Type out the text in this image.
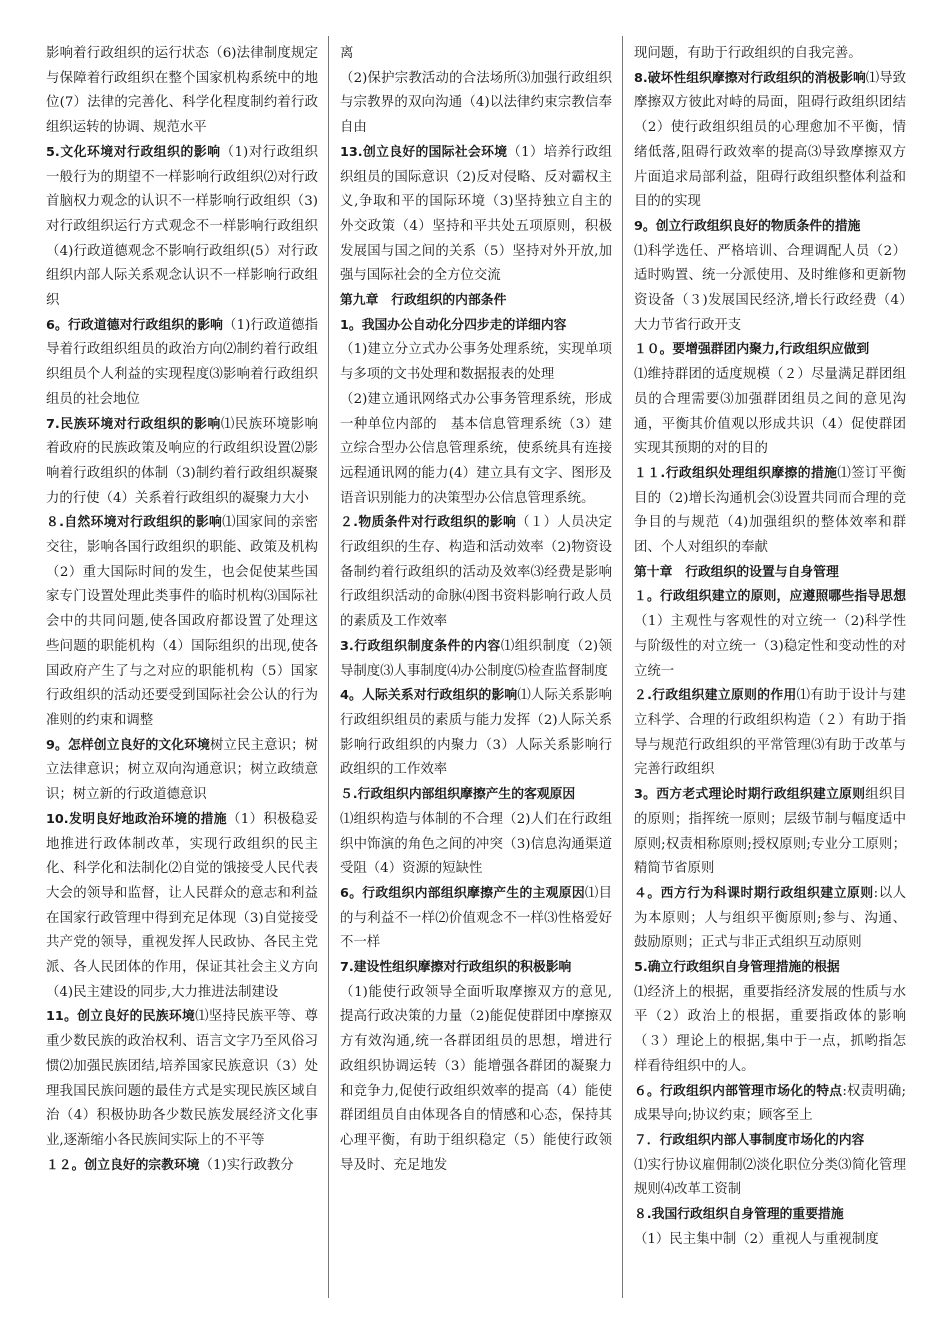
影响着行政组织的运行状态（6)法律制度规定与保障着行政组织在整个国家机构系统中的地位(7）法律的完善化、科学化程度制约着行政组织运转的协调、规范水平

5.文化环境对行政组织的影响（1)对行政组织一般行为的期望不一样影响行政组织⑵对行政首脑权力观念的认识不一样影响行政组织（3)对行政组织运行方式观念不一样影响行政组织（4)行政道德观念不影响行政组织(5）对行政组织内部人际关系观念认识不一样影响行政组织

6。行政道德对行政组织的影响（1)行政道德指导着行政组织组员的政治方向⑵制约着行政组织组员个人利益的实现程度⑶影响着行政组织组员的社会地位

7.民族环境对行政组织的影响⑴民族环境影响着政府的民族政策及响应的行政组织设置⑵影响着行政组织的体制（3)制约着行政组织凝聚力的行使（4）关系着行政组织的凝聚力大小

８.自然环境对行政组织的影响⑴国家间的亲密交往，影响各国行政组织的职能、政策及机构（2）重大国际时间的发生，也会促使某些国家专门设置处理此类事件的临时机构⑶国际社会中的共同问题,使各国政府都设置了处理这些问题的职能机构（4）国际组织的出现,使各国政府产生了与之对应的职能机构（5）国家行政组织的活动还要受到国际社会公认的行为准则的约束和调整

9。怎样创立良好的文化环境树立民主意识；树立法律意识；树立双向沟通意识；树立政绩意识；树立新的行政道德意识

10.发明良好地政治环境的措施（1）积极稳妥地推进行政体制改革，实现行政组织的民主化、科学化和法制化⑵自觉的饿接受人民代表大会的领导和监督，让人民群众的意志和利益在国家行政管理中得到充足体现（3)自觉接受共产党的领导，重视发挥人民政协、各民主党派、各人民团体的作用，保证其社会主义方向（4)民主建设的同步,大力推进法制建设

11。创立良好的民族环境⑴坚持民族平等、尊重少数民族的政治权利、语言文字乃至风俗习惯⑵加强民族团结,培养国家民族意识（3）处理我国民族问题的最佳方式是实现民族区域自治（4）积极协助各少数民族发展经济文化事业,逐渐缩小各民族间实际上的不平等

１２。创立良好的宗教环境（1)实行政教分

离

（2)保护宗教活动的合法场所⑶加强行政组织与宗教界的双向沟通（4)以法律约束宗教信奉自由

13.创立良好的国际社会环境（1）培养行政组织组员的国际意识（2)反对侵略、反对霸权主义,争取和平的国际环境（3)坚持独立自主的外交政策（4）坚持和平共处五项原则，积极发展国与国之间的关系（5）坚持对外开放,加强与国际社会的全方位交流

第九章　行政组织的内部条件

1。我国办公自动化分四步走的详细内容

（1)建立分立式办公事务处理系统，实现单项与多项的文书处理和数据报表的处理

（2)建立通讯网络式办公事务管理系统，形成一种单位内部的　基本信息管理系统（3）建立综合型办公信息管理系统，使系统具有连接远程通讯网的能力(4）建立具有文字、图形及语音识别能力的决策型办公信息管理系统。

２.物质条件对行政组织的影响（１）人员决定行政组织的生存、构造和活动效率（2)物资设备制约着行政组织的活动及效率⑶经费是影响行政组织活动的命脉⑷图书资料影响行政人员的素质及工作效率

3.行政组织制度条件的内容⑴组织制度（2)领导制度⑶人事制度⑷办公制度⑸检查监督制度

4。人际关系对行政组织的影响⑴人际关系影响行政组织组员的素质与能力发挥（2)人际关系影响行政组织的内聚力（3）人际关系影响行政组织的工作效率

５.行政组织内部组织摩擦产生的客观原因

⑴组织构造与体制的不合理（2)人们在行政组织中饰演的角色之间的冲突（3)信息沟通渠道受阻（4）资源的短缺性

6。行政组织内部组织摩擦产生的主观原因⑴目的与利益不一样⑵价值观念不一样⑶性格爱好不一样

7.建设性组织摩擦对行政组织的积极影响

（1)能使行政领导全面听取摩擦双方的意见,提高行政决策的力量（2)能促使群团中摩擦双方有效沟通,统一各群团组员的思想，增进行政组织协调运转（3）能增强各群团的凝聚力和竞争力,促使行政组织效率的提高（4）能使群团组员自由体现各自的情感和心态，保持其心理平衡，有助于组织稳定（5）能使行政领导及时、充足地发

现问题，有助于行政组织的自我完善。

8.破坏性组织摩擦对行政组织的消极影响⑴导致摩擦双方彼此对峙的局面，阻碍行政组织团结（2）使行政组织组员的心理愈加不平衡，情绪低落,阻碍行政效率的提高⑶导致摩擦双方片面追求局部利益，阻碍行政组织整体利益和目的的实现

9。创立行政组织良好的物质条件的措施

⑴科学选任、严格培训、合理调配人员（2）适时购置、统一分派使用、及时维修和更新物资设备（３)发展国民经济,增长行政经费（4）大力节省行政开支

１０。要增强群团内聚力,行政组织应做到

⑴维持群团的适度规模（２）尽量满足群团组员的合理需要⑶加强群团组员之间的意见沟通，平衡其价值观以形成共识（4）促使群团实现其预期的对的目的

１１.行政组织处理组织摩擦的措施⑴签订平衡目的（2)增长沟通机会⑶设置共同而合理的竞争目的与规范（4)加强组织的整体效率和群团、个人对组织的奉献

第十章　行政组织的设置与自身管理

１。行政组织建立的原则，应遵照哪些指导思想（1）主观性与客观性的对立统一（2)科学性与阶级性的对立统一（3)稳定性和变动性的对立统一

２.行政组织建立原则的作用⑴有助于设计与建立科学、合理的行政组织构造（２）有助于指导与规范行政组织的平常管理⑶有助于改革与完善行政组织

3。西方老式理论时期行政组织建立原则组织目的原则；指挥统一原则；层级节制与幅度适中原则;权责相称原则;授权原则;专业分工原则；精简节省原则

４。西方行为科课时期行政组织建立原则:以人为本原则；人与组织平衡原则;参与、沟通、鼓励原则；正式与非正式组织互动原则

5.确立行政组织自身管理措施的根据

⑴经济上的根据，重要指经济发展的性质与水平（2）政治上的根据，重要指政体的影响（３）理论上的根据,集中于一点，抓哟指怎样看待组织中的人。

６。行政组织内部管理市场化的特点:权责明确;成果导向;协议约束；顾客至上

７．行政组织内部人事制度市场化的内容

⑴实行协议雇佣制⑵淡化职位分类⑶简化管理规则⑷改革工资制

８.我国行政组织自身管理的重要措施

（1）民主集中制（2）重视人与重视制度
